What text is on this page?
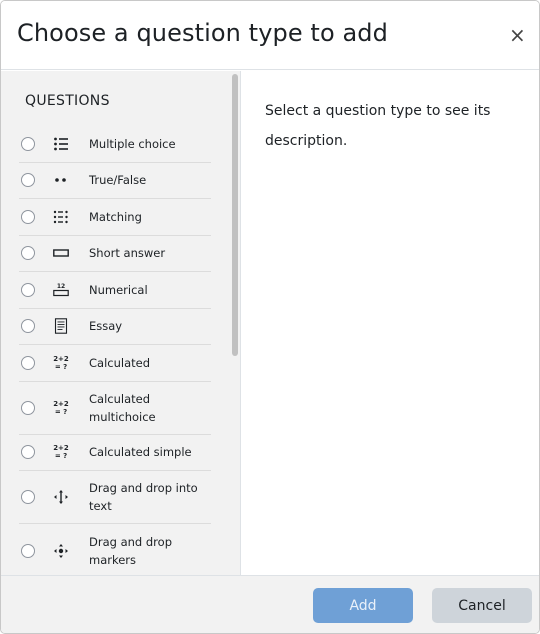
Choose a question type to add	×
QUESTIONS
Multiple choice
True/False
Matching
Short answer
12 Numerical
Essay
2+2
= ? Calculated
2+2
= ?
Calculated multichoice
2+2
= ? Calculated simple
Drag and drop into text
Drag and drop markers
Select a question type to see its description.
Add	Cancel
